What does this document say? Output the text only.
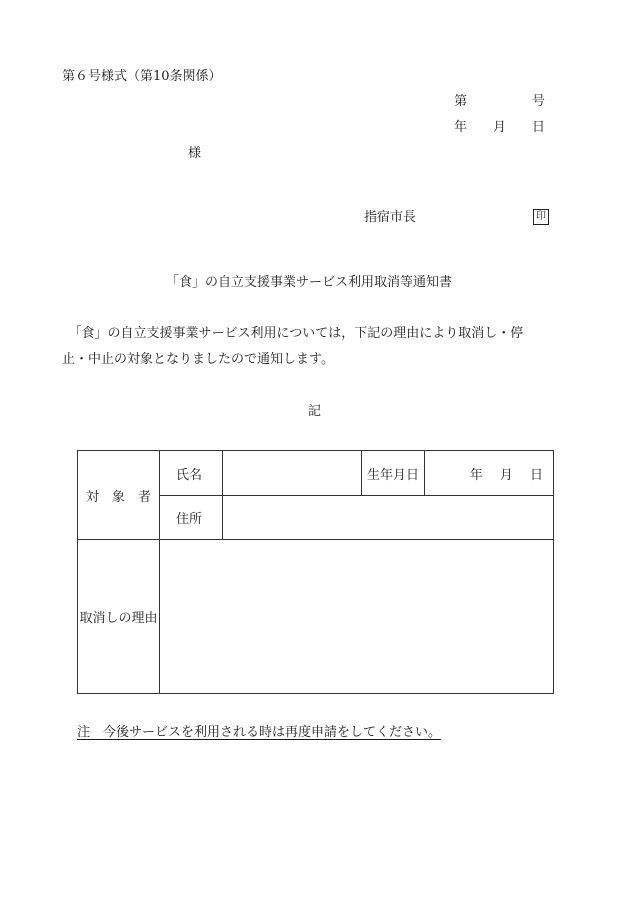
第６号様式（第10条関係）
第　　　　　号
年　　月　　日
様
指宿市長	印
「食」の自立支援事業サービス利用取消等通知書
　「食」の自立支援事業サービス利用については，下記の理由により取消し・停
止・中止の対象となりましたので通知します。
記
対　象　者	氏名		生年月日	年　 月　 日
	住所			
取消しの理由				
注　今後サービスを利用される時は再度申請をしてください。
